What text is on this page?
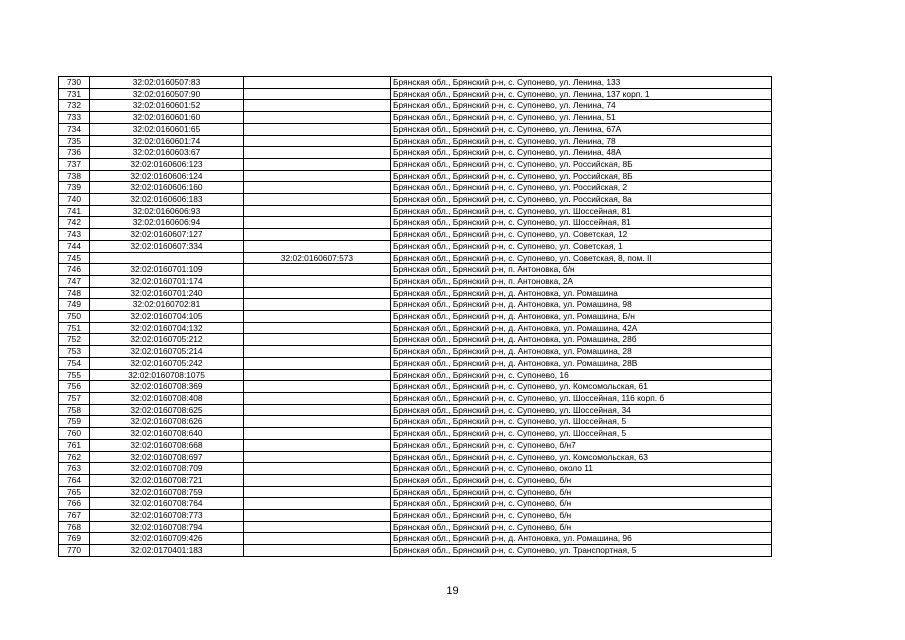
730	32:02:0160507:83		Брянская обл., Брянский р-н, с. Супонево, ул. Ленина, 133
731	32:02:0160507:90		Брянская обл., Брянский р-н, с. Супонево, ул. Ленина, 137 корп. 1
732	32:02:0160601:52		Брянская обл., Брянский р-н, с. Супонево, ул. Ленина, 74
733	32:02:0160601:60		Брянская обл., Брянский р-н, с. Супонево, ул. Ленина, 51
734	32:02:0160601:65		Брянская обл., Брянский р-н, с. Супонево, ул. Ленина, 67А
735	32:02:0160601:74		Брянская обл., Брянский р-н, с. Супонево, ул. Ленина, 78
736	32:02:0160603:67		Брянская обл., Брянский р-н, с. Супонево, ул. Ленина, 48А
737	32:02:0160606:123		Брянская обл., Брянский р-н, с. Супонево, ул. Российская, 8Б
738	32:02:0160606:124		Брянская обл., Брянский р-н, с. Супонево, ул. Российская, 8Б
739	32:02:0160606:160		Брянская обл., Брянский р-н, с. Супонево, ул. Российская, 2
740	32:02:0160606:183		Брянская обл., Брянский р-н, с. Супонево, ул. Российская, 8а
741	32:02:0160606:93		Брянская обл., Брянский р-н, с. Супонево, ул. Шоссейная, 81
742	32:02:0160606:94		Брянская обл., Брянский р-н, с. Супонево, ул. Шоссейная, 81
743	32:02:0160607:127		Брянская обл., Брянский р-н, с. Супонево, ул. Советская, 12
744	32:02:0160607:334		Брянская обл., Брянский р-н, с. Супонево, ул. Советская, 1
745		32:02:0160607:573	Брянская обл., Брянский р-н, с. Супонево, ул. Советская, 8, пом. II
746	32:02:0160701:109		Брянская обл., Брянский р-н, п. Антоновка, б/н
747	32:02:0160701:174		Брянская обл., Брянский р-н, п. Антоновка, 2А
748	32:02:0160701:240		Брянская обл., Брянский р-н, д. Антоновка, ул. Ромашина
749	32:02:0160702:81		Брянская обл., Брянский р-н, д. Антоновка, ул. Ромашина, 98
750	32:02:0160704:105		Брянская обл., Брянский р-н, д. Антоновка, ул. Ромашина, Б/н
751	32:02:0160704:132		Брянская обл., Брянский р-н, д. Антоновка, ул. Ромашина, 42А
752	32:02:0160705:212		Брянская обл., Брянский р-н, д. Антоновка, ул. Ромашина, 28б
753	32:02:0160705:214		Брянская обл., Брянский р-н, д. Антоновка, ул. Ромашина, 28
754	32:02:0160705:242		Брянская обл., Брянский р-н, д. Антоновка, ул. Ромашина, 28В
755	32:02:0160708:1075		Брянская обл., Брянский р-н, с. Супонево, 16
756	32:02:0160708:369		Брянская обл., Брянский р-н, с. Супонево, ул. Комсомольская, 61
757	32:02:0160708:408		Брянская обл., Брянский р-н, с. Супонево, ул. Шоссейная, 116 корп. б
758	32:02:0160708:625		Брянская обл., Брянский р-н, с. Супонево, ул. Шоссейная, 34
759	32:02:0160708:626		Брянская обл., Брянский р-н, с. Супонево, ул. Шоссейная, 5
760	32:02:0160708:640		Брянская обл., Брянский р-н, с. Супонево, ул. Шоссейная, 5
761	32:02:0160708:668		Брянская обл., Брянский р-н, с. Супонево, б/н7
762	32:02:0160708:697		Брянская обл., Брянский р-н, с. Супонево, ул. Комсомольская, 63
763	32:02:0160708:709		Брянская обл., Брянский р-н, с. Супонево, около 11
764	32:02:0160708:721		Брянская обл., Брянский р-н, с. Супонево, б/н
765	32:02:0160708:759		Брянская обл., Брянский р-н, с. Супонево, б/н
766	32:02:0160708:764		Брянская обл., Брянский р-н, с. Супонево, б/н
767	32:02:0160708:773		Брянская обл., Брянский р-н, с. Супонево, б/н
768	32:02:0160708:794		Брянская обл., Брянский р-н, с. Супонево, б/н
769	32:02:0160709:426		Брянская обл., Брянский р-н, д. Антоновка, ул. Ромашина, 96
770	32:02:0170401:183		Брянская обл., Брянский р-н, с. Супонево, ул. Транспортная, 5
19
